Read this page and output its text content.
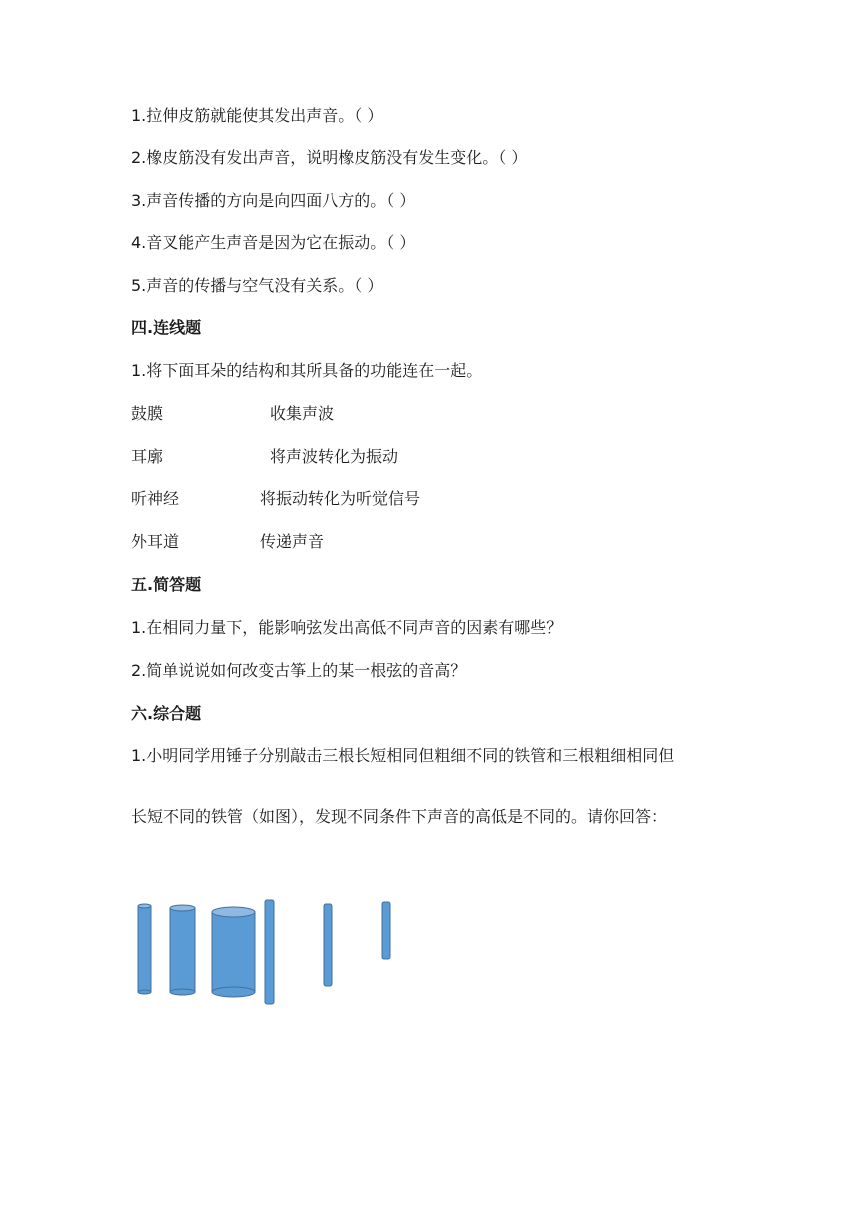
1.拉伸皮筋就能使其发出声音。（ ）
2.橡皮筋没有发出声音，说明橡皮筋没有发生变化。（ ）
3.声音传播的方向是向四面八方的。（ ）
4.音叉能产生声音是因为它在振动。（ ）
5.声音的传播与空气没有关系。（ ）
四.连线题
1.将下面耳朵的结构和其所具备的功能连在一起。
鼓膜	收集声波
耳廓	将声波转化为振动
听神经	将振动转化为听觉信号
外耳道	传递声音
五.简答题
1.在相同力量下，能影响弦发出高低不同声音的因素有哪些？
2.简单说说如何改变古筝上的某一根弦的音高？
六.综合题
1.小明同学用锤子分别敲击三根长短相同但粗细不同的铁管和三根粗细相同但
长短不同的铁管（如图），发现不同条件下声音的高低是不同的。请你回答：
